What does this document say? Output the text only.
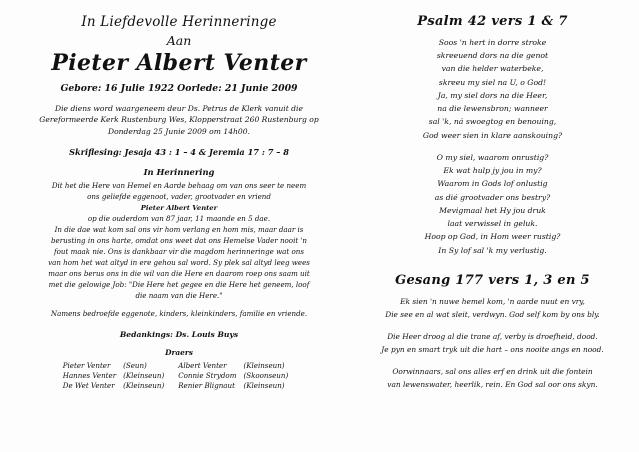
In Liefdevolle Herinneringe
Aan
Pieter Albert Venter
Gebore: 16 Julie 1922 Oorlede: 21 Junie 2009
Die diens word waargeneem deur Ds. Petrus de Klerk vanuit die
Gereformeerde Kerk Rustenburg Wes, Klopperstraat 260 Rustenburg op
Donderdag 25 Junie 2009 om 14h00.
Skriflesing: Jesaja 43 : 1 – 4 & Jeremia 17 : 7 – 8
In Herinnering
Dit het die Here van Hemel en Aarde behaag om van ons seer te neem
ons geliefde eggenoot, vader, grootvader en vriend
Pieter Albert Venter
op die ouderdom van 87 jaar, 11 maande en 5 dae.
In die dae wat kom sal ons vir hom verlang en hom mis, maar daar is
berusting in ons harte, omdat ons weet dat ons Hemelse Vader nooit 'n
fout maak nie. Ons is dankbaar vir die magdom herinneringe wat ons
van hom het wat altyd in ere gehou sal word. Sy plek sal altyd leeg wees
maar ons berus ons in die wil van die Here en daarom roep ons saam uit
met die gelowige Job: "Die Here het gegee en die Here het geneem, loof
die naam van die Here."
Namens bedroefde eggenote, kinders, kleinkinders, familie en vriende.
Bedankings: Ds. Louis Buys
Draers
Pieter Venter	(Seun)	Albert Venter	(Kleinseun)
Hannes Venter	(Kleinseun)	Connie Strydom	(Skoonseun)
De Wet Venter	(Kleinseun)	Renier Blignaut	(Kleinseun)
Psalm 42 vers 1 & 7
Soos 'n hert in dorre stroke
skreeuend dors na die genot
van die helder waterbeke,
skreeu my siel na U, o God!
Ja, my siel dors na die Heer,
na die lewensbron; wanneer
sal 'k, ná swoegtog en benouing,
God weer sien in klare aanskouing?
O my siel, waarom onrustig?
Ek wat hulp jy jou in my?
Waarom in Gods lof onlustig
as dié grootvader ons bestry?
Mevigmaal het Hy jou druk
laat verwissel in geluk.
Hoop op God, in Hom weer rustig?
In Sy lof sal 'k my verlustig.
Gesang 177 vers 1, 3 en 5
Ek sien 'n nuwe hemel kom, 'n aarde nuut en vry,
Die see en al wat sleit, verdwyn. God self kom by ons bly.
Die Heer droog al die trane af, verby is droefheid, dood.
Je pyn en smart tryk uit die hart – ons nooite angs en nood.
Oorwinnaars, sal ons alles erf en drink uit die fontein
van lewenswater, heerlik, rein. En God sal oor ons skyn.
